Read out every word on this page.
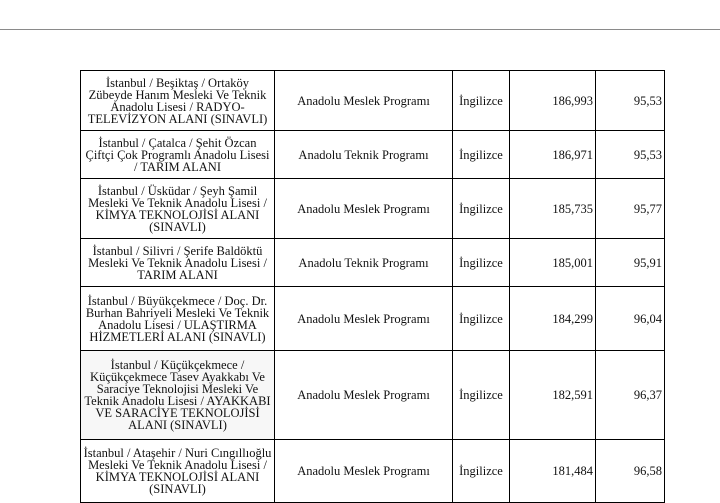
İstanbul / Beşiktaş / Ortaköy Zübeyde Hanım Mesleki Ve Teknik Anadolu Lisesi / RADYO-TELEVİZYON ALANI (SINAVLI)	Anadolu Meslek Programı	İngilizce	186,993	95,53
İstanbul / Çatalca / Şehit Özcan Çiftçi Çok Programlı Anadolu Lisesi / TARIM ALANI	Anadolu Teknik Programı	İngilizce	186,971	95,53
İstanbul / Üsküdar / Şeyh Şamil Mesleki Ve Teknik Anadolu Lisesi / KİMYA TEKNOLOJİSİ ALANI (SINAVLI)	Anadolu Meslek Programı	İngilizce	185,735	95,77
İstanbul / Silivri / Şerife Baldöktü Mesleki Ve Teknik Anadolu Lisesi / TARIM ALANI	Anadolu Teknik Programı	İngilizce	185,001	95,91
İstanbul / Büyükçekmece / Doç. Dr. Burhan Bahriyeli Mesleki Ve Teknik Anadolu Lisesi / ULAŞTIRMA HİZMETLERİ ALANI (SINAVLI)	Anadolu Meslek Programı	İngilizce	184,299	96,04
İstanbul / Küçükçekmece / Küçükçekmece Tasev Ayakkabı Ve Saraciye Teknolojisi Mesleki Ve Teknik Anadolu Lisesi / AYAKKABI VE SARACİYE TEKNOLOJİSİ ALANI (SINAVLI)	Anadolu Meslek Programı	İngilizce	182,591	96,37
İstanbul / Ataşehir / Nuri Cıngıllıoğlu Mesleki Ve Teknik Anadolu Lisesi / KİMYA TEKNOLOJİSİ ALANI (SINAVLI)	Anadolu Meslek Programı	İngilizce	181,484	96,58
